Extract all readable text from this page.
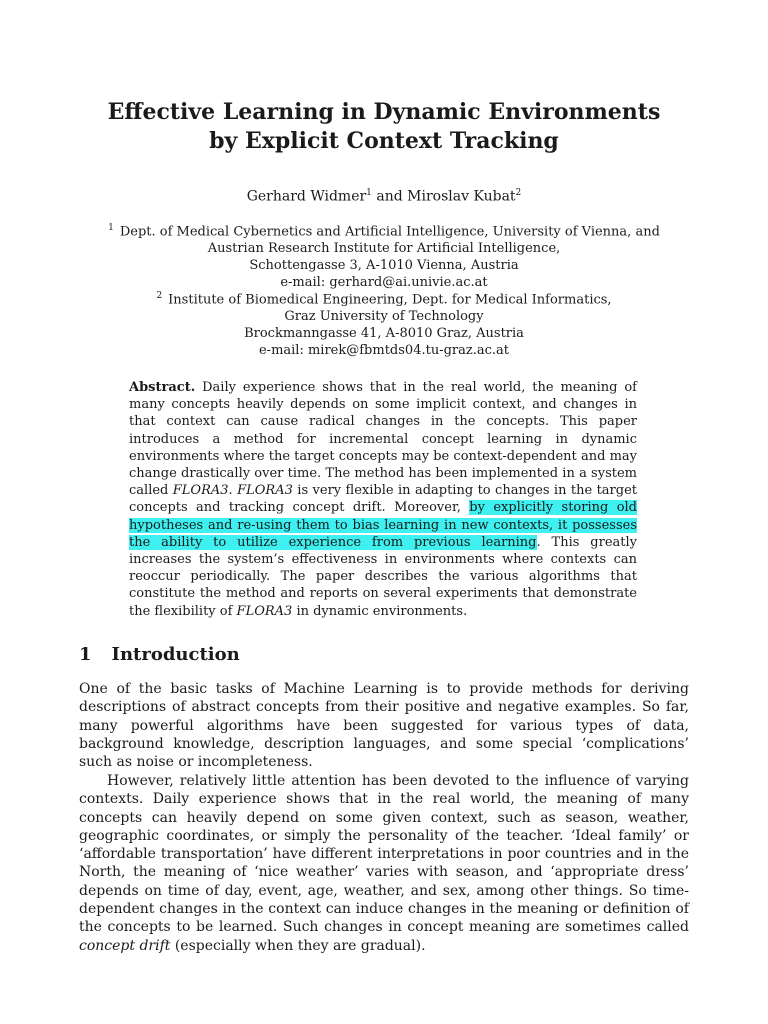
Effective Learning in Dynamic Environments
by Explicit Context Tracking
Gerhard Widmer$^1$ and Miroslav Kubat$^2$
$^1$ Dept. of Medical Cybernetics and Artificial Intelligence, University of Vienna, and
Austrian Research Institute for Artificial Intelligence,
Schottengasse 3, A-1010 Vienna, Austria
e-mail: gerhard@ai.univie.ac.at
$^2$ Institute of Biomedical Engineering, Dept. for Medical Informatics,
Graz University of Technology
Brockmanngasse 41, A-8010 Graz, Austria
e-mail: mirek@fbmtds04.tu-graz.ac.at

Abstract. Daily experience shows that in the real world, the meaning of many concepts heavily depends on some implicit context, and changes in that context can cause radical changes in the concepts. This paper introduces a method for incremental concept learning in dynamic environments where the target concepts may be context-dependent and may change drastically over time. The method has been implemented in a system called FLORA3. FLORA3 is very flexible in adapting to changes in the target concepts and tracking concept drift. Moreover, by explicitly storing old hypotheses and re-using them to bias learning in new contexts, it possesses the ability to utilize experience from previous learning. This greatly increases the system’s effectiveness in environments where contexts can reoccur periodically. The paper describes the various algorithms that constitute the method and reports on several experiments that demonstrate the flexibility of FLORA3 in dynamic environments.

1 Introduction

One of the basic tasks of Machine Learning is to provide methods for deriving descriptions of abstract concepts from their positive and negative examples. So far, many powerful algorithms have been suggested for various types of data, background knowledge, description languages, and some special ‘complications’ such as noise or incompleteness.

However, relatively little attention has been devoted to the influence of varying contexts. Daily experience shows that in the real world, the meaning of many concepts can heavily depend on some given context, such as season, weather, geographic coordinates, or simply the personality of the teacher. ‘Ideal family’ or ‘affordable transportation’ have different interpretations in poor countries and in the North, the meaning of ‘nice weather’ varies with season, and ‘appropriate dress’ depends on time of day, event, age, weather, and sex, among other things. So time-dependent changes in the context can induce changes in the meaning or definition of the concepts to be learned. Such changes in concept meaning are sometimes called concept drift (especially when they are gradual).
